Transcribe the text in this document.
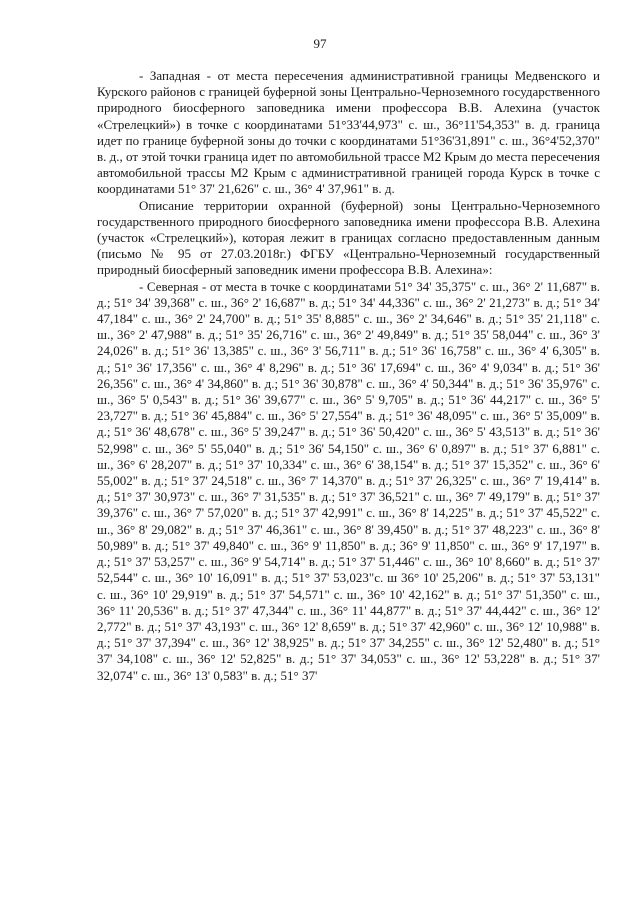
97

- Западная - от места пересечения административной границы Медвенского и Курского районов с границей буферной зоны Центрально-Черноземного государственного природного биосферного заповедника имени профессора В.В. Алехина (участок «Стрелецкий») в точке с координатами 51°33'44,973" с. ш., 36°11'54,353" в. д. граница идет по границе буферной зоны до точки с координатами 51°36'31,891" с. ш., 36°4'52,370" в. д., от этой точки граница идет по автомобильной трассе М2 Крым до места пересечения автомобильной трассы М2 Крым с административной границей города Курск в точке с координатами 51° 37' 21,626" с. ш., 36° 4' 37,961" в. д.

Описание территории охранной (буферной) зоны Центрально-Черноземного государственного природного биосферного заповедника имени профессора В.В. Алехина (участок «Стрелецкий»), которая лежит в границах согласно предоставленным данным (письмо № 95 от 27.03.2018г.) ФГБУ «Центрально-Черноземный государственный природный биосферный заповедник имени профессора В.В. Алехина»:

- Северная - от места в точке с координатами 51° 34' 35,375" с. ш., 36° 2' 11,687" в. д.; 51° 34' 39,368" с. ш., 36° 2' 16,687" в. д.; 51° 34' 44,336" с. ш., 36° 2' 21,273" в. д.; 51° 34' 47,184" с. ш., 36° 2' 24,700" в. д.; 51° 35' 8,885" с. ш., 36° 2' 34,646" в. д.; 51° 35' 21,118" с. ш., 36° 2' 47,988" в. д.; 51° 35' 26,716" с. ш., 36° 2' 49,849" в. д.; 51° 35' 58,044" с. ш., 36° 3' 24,026" в. д.; 51° 36' 13,385" с. ш., 36° 3' 56,711" в. д.; 51° 36' 16,758" с. ш., 36° 4' 6,305" в. д.; 51° 36' 17,356" с. ш., 36° 4' 8,296" в. д.; 51° 36' 17,694" с. ш., 36° 4' 9,034" в. д.; 51° 36' 26,356" с. ш., 36° 4' 34,860" в. д.; 51° 36' 30,878" с. ш., 36° 4' 50,344" в. д.; 51° 36' 35,976" с. ш., 36° 5' 0,543" в. д.; 51° 36' 39,677" с. ш., 36° 5' 9,705" в. д.; 51° 36' 44,217" с. ш., 36° 5' 23,727" в. д.; 51° 36' 45,884" с. ш., 36° 5' 27,554" в. д.; 51° 36' 48,095" с. ш., 36° 5' 35,009" в. д.; 51° 36' 48,678" с. ш., 36° 5' 39,247" в. д.; 51° 36' 50,420" с. ш., 36° 5' 43,513" в. д.; 51° 36' 52,998" с. ш., 36° 5' 55,040" в. д.; 51° 36' 54,150" с. ш., 36° 6' 0,897" в. д.; 51° 37' 6,881" с. ш., 36° 6' 28,207" в. д.; 51° 37' 10,334" с. ш., 36° 6' 38,154" в. д.; 51° 37' 15,352" с. ш., 36° 6' 55,002" в. д.; 51° 37' 24,518" с. ш., 36° 7' 14,370" в. д.; 51° 37' 26,325" с. ш., 36° 7' 19,414" в. д.; 51° 37' 30,973" с. ш., 36° 7' 31,535" в. д.; 51° 37' 36,521" с. ш., 36° 7' 49,179" в. д.; 51° 37' 39,376" с. ш., 36° 7' 57,020" в. д.; 51° 37' 42,991" с. ш., 36° 8' 14,225" в. д.; 51° 37' 45,522" с. ш., 36° 8' 29,082" в. д.; 51° 37' 46,361" с. ш., 36° 8' 39,450" в. д.; 51° 37' 48,223" с. ш., 36° 8' 50,989" в. д.; 51° 37' 49,840" с. ш., 36° 9' 11,850" в. д.; 36° 9' 11,850" с. ш., 36° 9' 17,197" в. д.; 51° 37' 53,257" с. ш., 36° 9' 54,714" в. д.; 51° 37' 51,446" с. ш., 36° 10' 8,660" в. д.; 51° 37' 52,544" с. ш., 36° 10' 16,091" в. д.; 51° 37' 53,023"с. ш 36° 10' 25,206" в. д.; 51° 37' 53,131" с. ш., 36° 10' 29,919" в. д.; 51° 37' 54,571" с. ш., 36° 10' 42,162" в. д.; 51° 37' 51,350" с. ш., 36° 11' 20,536" в. д.; 51° 37' 47,344" с. ш., 36° 11' 44,877" в. д.; 51° 37' 44,442" с. ш., 36° 12' 2,772" в. д.; 51° 37' 43,193" с. ш., 36° 12' 8,659" в. д.; 51° 37' 42,960" с. ш., 36° 12' 10,988" в. д.; 51° 37' 37,394" с. ш., 36° 12' 38,925" в. д.; 51° 37' 34,255" с. ш., 36° 12' 52,480" в. д.; 51° 37' 34,108" с. ш., 36° 12' 52,825" в. д.; 51° 37' 34,053" с. ш., 36° 12' 53,228" в. д.; 51° 37' 32,074" с. ш., 36° 13' 0,583" в. д.; 51° 37'
